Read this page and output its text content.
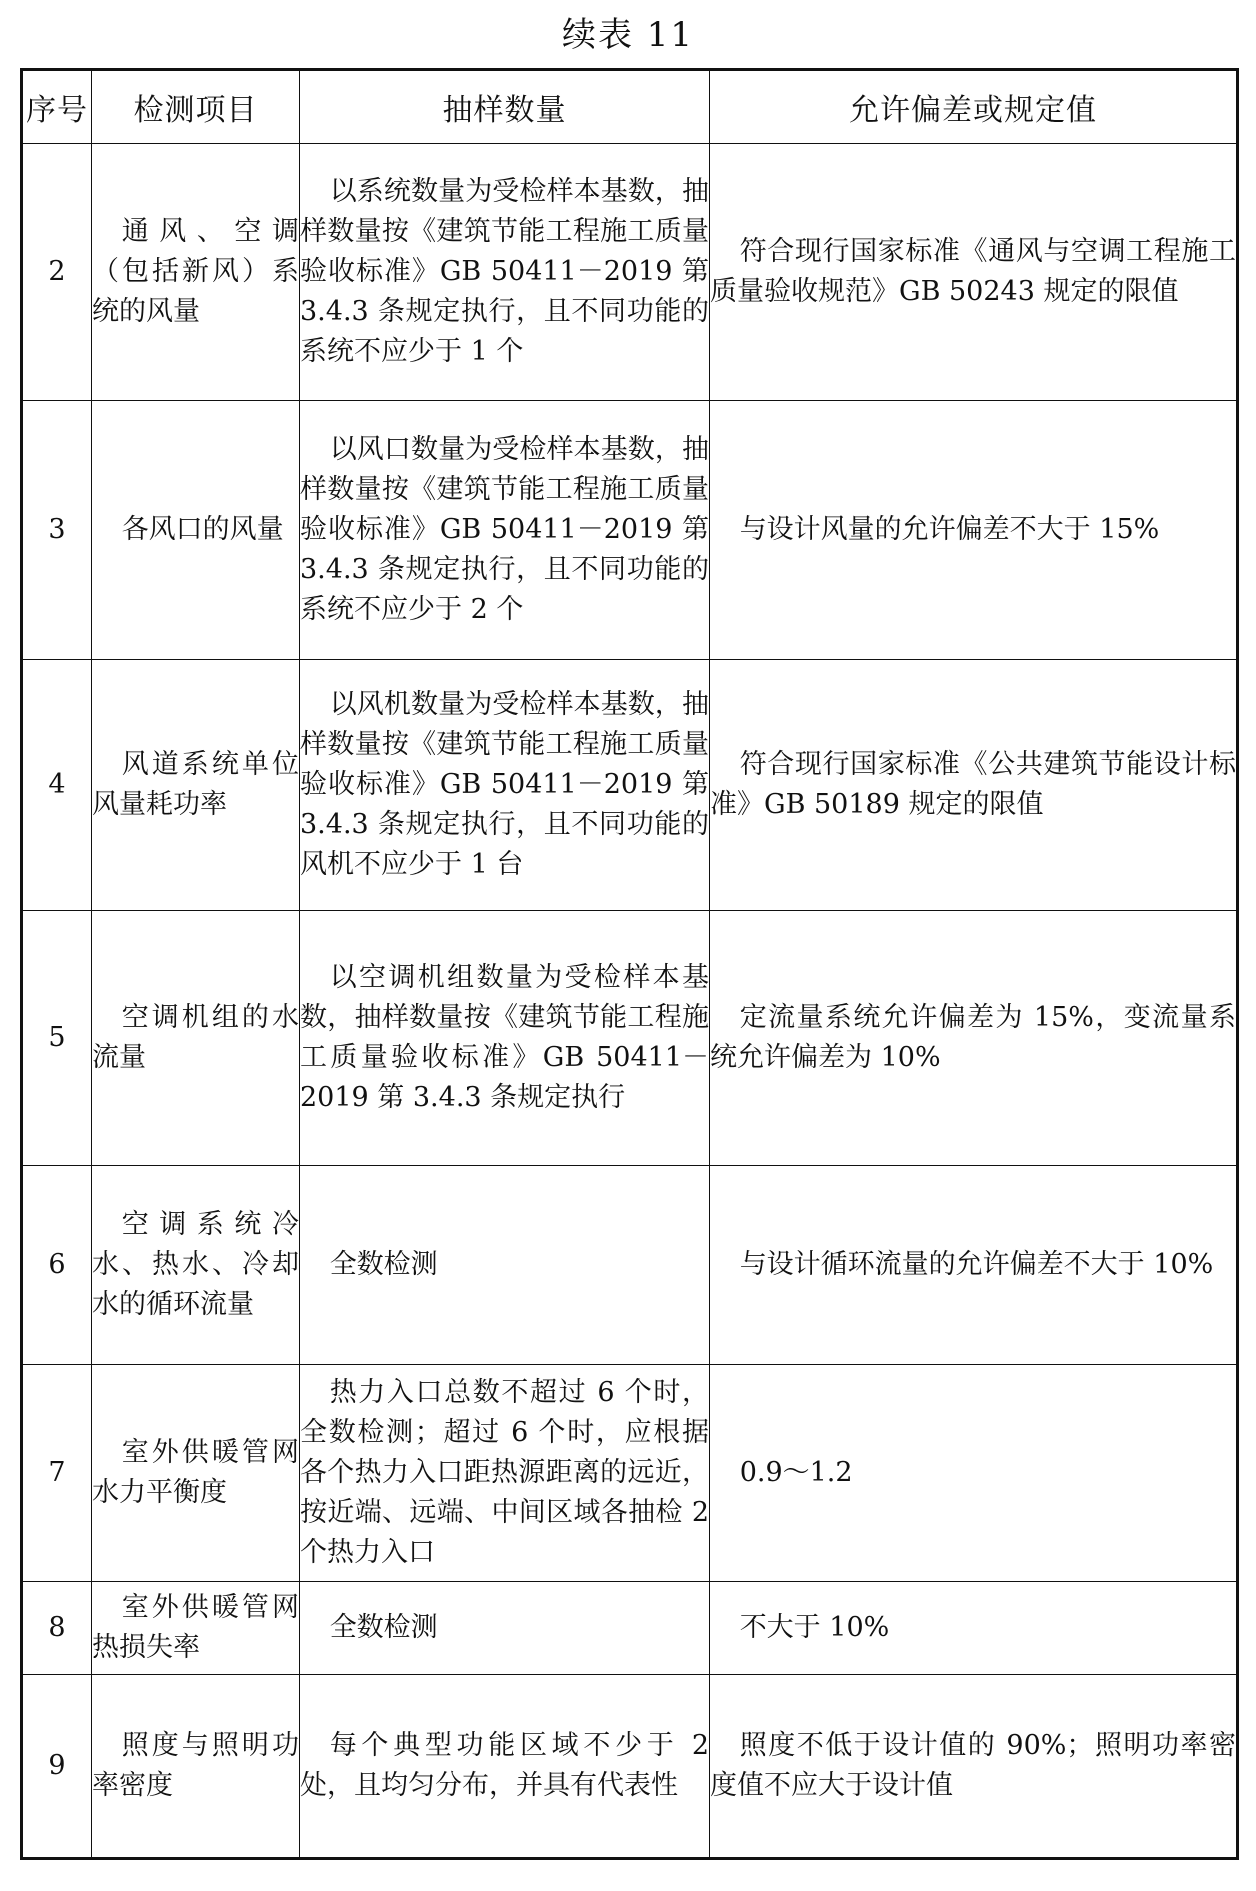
续表 11
序号	检测项目	抽样数量	允许偏差或规定值
2	通风、空调（包括新风）系统的风量	以系统数量为受检样本基数，抽样数量按《建筑节能工程施工质量验收标准》GB 50411－2019 第 3.4.3 条规定执行，且不同功能的系统不应少于 1 个	符合现行国家标准《通风与空调工程施工质量验收规范》GB 50243 规定的限值

3	各风口的风量	以风口数量为受检样本基数，抽样数量按《建筑节能工程施工质量验收标准》GB 50411－2019 第 3.4.3 条规定执行，且不同功能的系统不应少于 2 个	与设计风量的允许偏差不大于 15%

4	风道系统单位风量耗功率	以风机数量为受检样本基数，抽样数量按《建筑节能工程施工质量验收标准》GB 50411－2019 第 3.4.3 条规定执行，且不同功能的风机不应少于 1 台	符合现行国家标准《公共建筑节能设计标准》GB 50189 规定的限值

5	空调机组的水流量	以空调机组数量为受检样本基数，抽样数量按《建筑节能工程施工质量验收标准》GB 50411－2019 第 3.4.3 条规定执行	定流量系统允许偏差为 15%，变流量系统允许偏差为 10%

6	空调系统冷水、热水、冷却水的循环流量	全数检测	与设计循环流量的允许偏差不大于 10%

7	室外供暖管网水力平衡度	热力入口总数不超过 6 个时，全数检测；超过 6 个时，应根据各个热力入口距热源距离的远近，按近端、远端、中间区域各抽检 2 个热力入口	0.9～1.2

8	室外供暖管网热损失率	全数检测	不大于 10%

9	照度与照明功率密度	每个典型功能区域不少于 2 处，且均匀分布，并具有代表性	照度不低于设计值的 90%；照明功率密度值不应大于设计值
